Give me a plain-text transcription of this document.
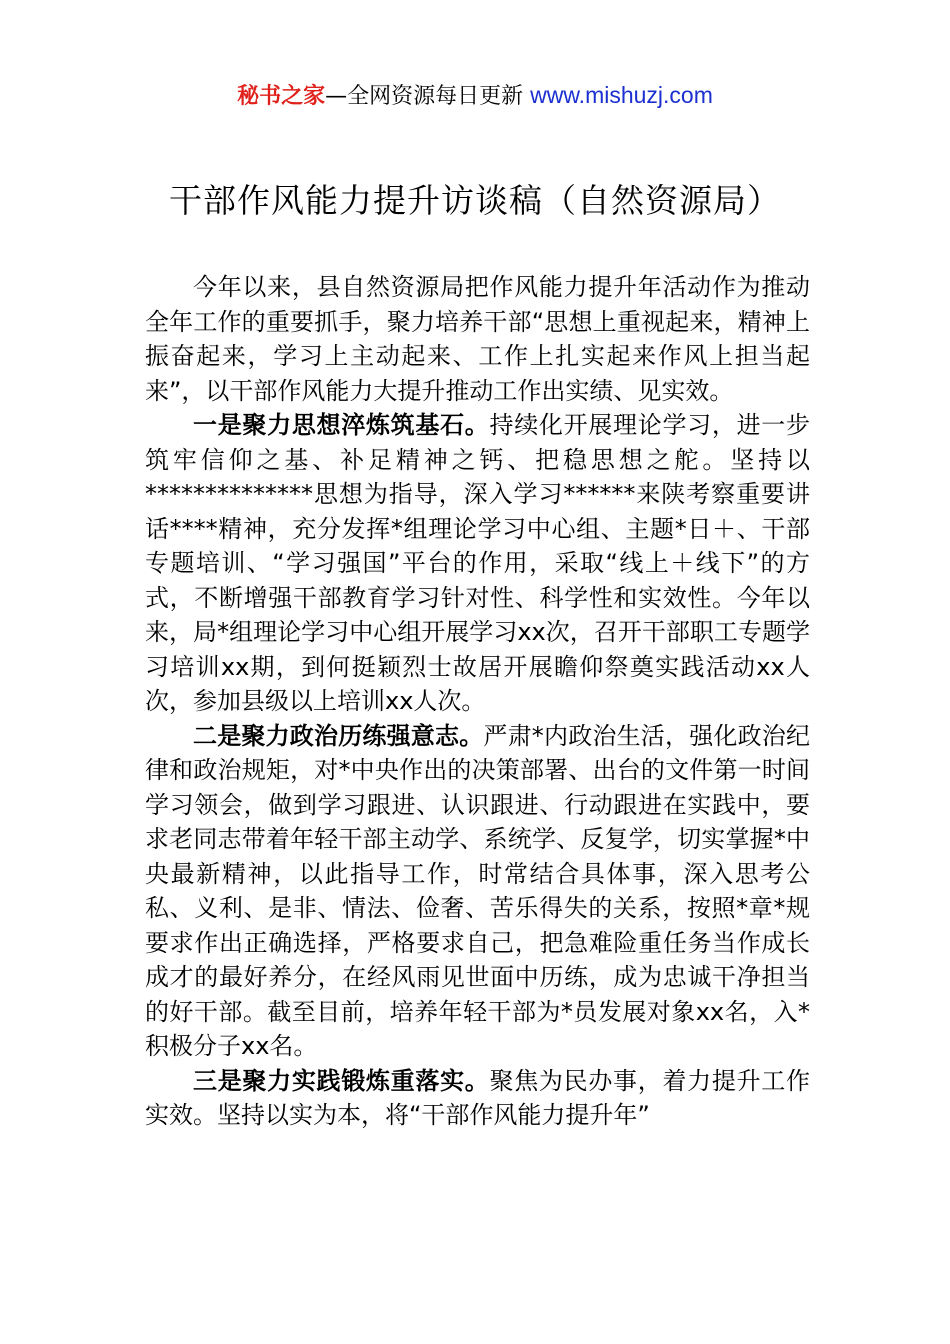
秘书之家—全网资源每日更新 www.mishuzj.com
干部作风能力提升访谈稿（自然资源局）

今年以来，县自然资源局把作风能力提升年活动作为推动全年工作的重要抓手，聚力培养干部“思想上重视起来，精神上振奋起来，学习上主动起来、工作上扎实起来作风上担当起来”，以干部作风能力大提升推动工作出实绩、见实效。

一是聚力思想淬炼筑基石。持续化开展理论学习，进一步筑牢信仰之基、补足精神之钙、把稳思想之舵。坚持以**************思想为指导，深入学习******来陕考察重要讲话****精神，充分发挥*组理论学习中心组、主题*日＋、干部专题培训、“学习强国”平台的作用，采取“线上＋线下”的方式，不断增强干部教育学习针对性、科学性和实效性。今年以来，局*组理论学习中心组开展学习xx次，召开干部职工专题学习培训xx期，到何挺颖烈士故居开展瞻仰祭奠实践活动xx人次，参加县级以上培训xx人次。

二是聚力政治历练强意志。严肃*内政治生活，强化政治纪律和政治规矩，对*中央作出的决策部署、出台的文件第一时间学习领会，做到学习跟进、认识跟进、行动跟进在实践中，要求老同志带着年轻干部主动学、系统学、反复学，切实掌握*中央最新精神，以此指导工作，时常结合具体事，深入思考公私、义利、是非、情法、俭奢、苦乐得失的关系，按照*章*规要求作出正确选择，严格要求自己，把急难险重任务当作成长成才的最好养分，在经风雨见世面中历练，成为忠诚干净担当的好干部。截至目前，培养年轻干部为*员发展对象xx名，入*积极分子xx名。

三是聚力实践锻炼重落实。聚焦为民办事，着力提升工作实效。坚持以实为本，将“干部作风能力提升年”
